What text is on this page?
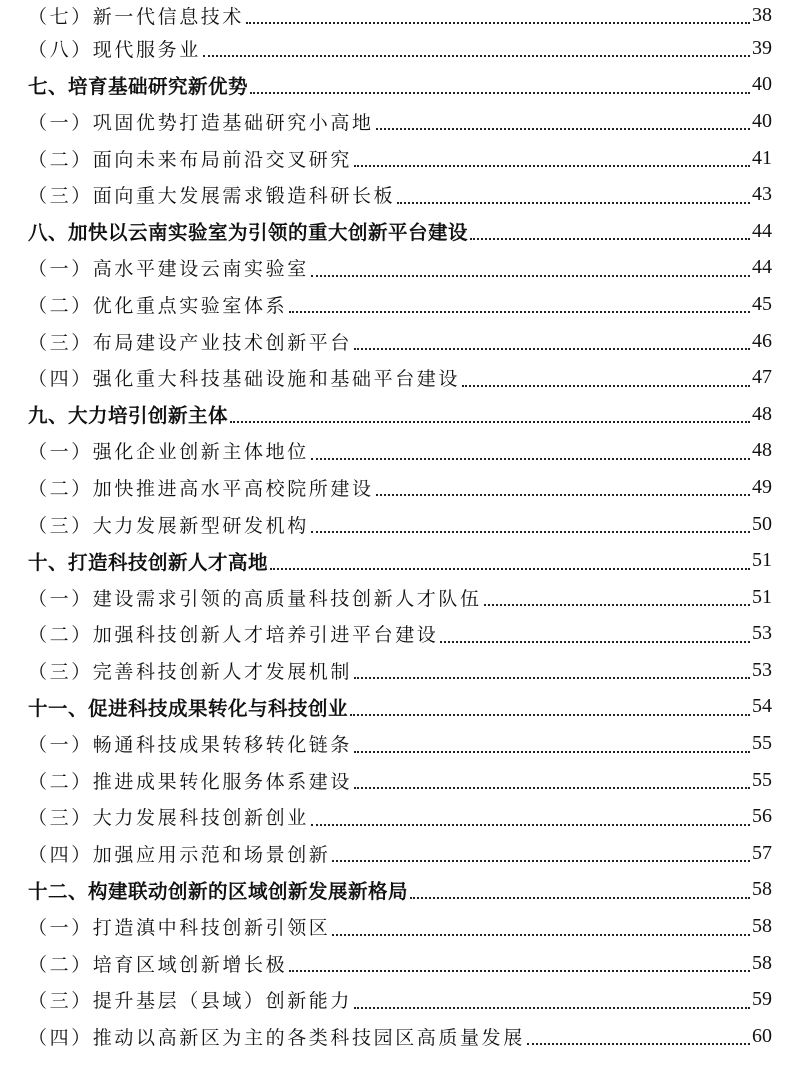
（七）新一代信息技术	38
（八）现代服务业	39
七、培育基础研究新优势	40
（一）巩固优势打造基础研究小高地	40
（二）面向未来布局前沿交叉研究	41
（三）面向重大发展需求锻造科研长板	43
八、加快以云南实验室为引领的重大创新平台建设	44
（一）高水平建设云南实验室	44
（二）优化重点实验室体系	45
（三）布局建设产业技术创新平台	46
（四）强化重大科技基础设施和基础平台建设	47
九、大力培引创新主体	48
（一）强化企业创新主体地位	48
（二）加快推进高水平高校院所建设	49
（三）大力发展新型研发机构	50
十、打造科技创新人才高地	51
（一）建设需求引领的高质量科技创新人才队伍	51
（二）加强科技创新人才培养引进平台建设	53
（三）完善科技创新人才发展机制	53
十一、促进科技成果转化与科技创业	54
（一）畅通科技成果转移转化链条	55
（二）推进成果转化服务体系建设	55
（三）大力发展科技创新创业	56
（四）加强应用示范和场景创新	57
十二、构建联动创新的区域创新发展新格局	58
（一）打造滇中科技创新引领区	58
（二）培育区域创新增长极	58
（三）提升基层（县域）创新能力	59
（四）推动以高新区为主的各类科技园区高质量发展	60
